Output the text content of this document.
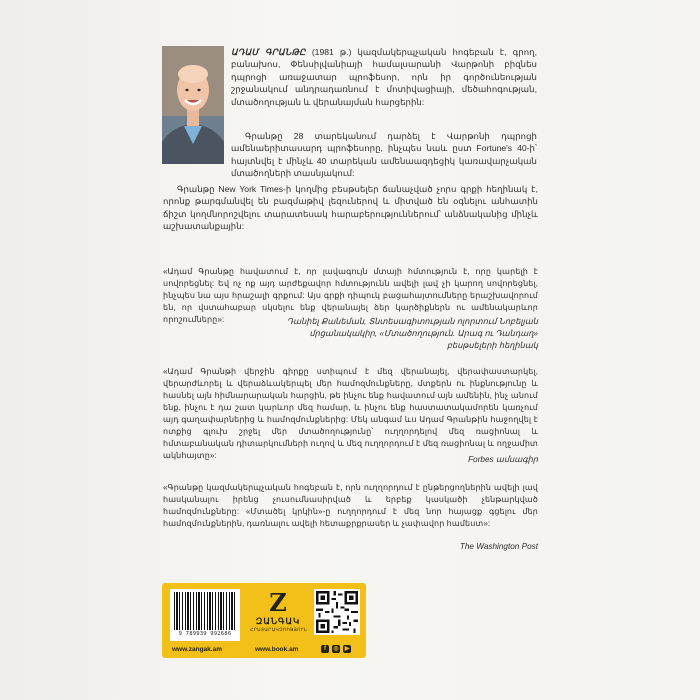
ԱԴԱՄ ԳՐԱՆԹԸ (1981 թ.) կազմակերպչական հոգեբան է, գրող, բանախոս, Փենսիլվանիայի համալսարանի Վարթոնի բիզնես դպրոցի առաջատար պրոֆեսոր, որն իր գործունեության շրջանակում անդրադառնում է մոտիվացիայի, մեծահոգության, մտածողության և վերանայման հարցերին:
Գրանթը 28 տարեկանում դարձել է Վարթոնի դպրոցի ամենաերիտասարդ պրոֆեսորը, ինչպես նաև ըստ Fortune's 40-ի՝ հայտնվել է մինչև 40 տարեկան ամենաազդեցիկ կառավարչական մտածողների տասնյակում:
Գրանթը New York Times-ի կողմից բեսթսելեր ճանաչված չորս գրքի հեղինակ է, որոնք թարգմանվել են բազմաթիվ լեզուներով և միտված են օգնելու անհատին ճիշտ կողմնորոշվելու տարատեսակ հարաբերություններում՝ անձնականից մինչև աշխատանքային:
«Ադամ Գրանթը հավատում է, որ լավագույն մտայի հմտություն է, որը կարելի է սովորեցնել: Եվ ոչ ոք այդ արժեքավոր հմտությունն ավելի լավ չի կարող սովորեցնել, ինչպես նա այս հրաշալի գրքում: Այս գրքի դիպուկ բացահայտումները երաշխավորում են, որ վստահաբար սկսելու ենք վերանայել ձեր կարծիքներն ու ամենակարևոր որոշումները»:	Դանիել Քանեման, Տնտեսագիտության ոլորտում Նոբելյան մրցանակակիր, «Մտածողություն. Արագ ու Դանդաղ» բեսթսելերի հեղինակ
«Ադամ Գրանթի վերջին գիրքը ստիպում է մեզ վերանայել, վերափաստարկել, վերարժևորել և վերաձևակերպել մեր համոզմունքները, մտքերն ու ինքնությունը և հասնել այն հիմնարարական հարցին, թե ինչու ենք հավատում այն ամենին, ինչ անում ենք, ինչու է դա շատ կարևոր մեզ համար, և ինչու ենք հաստատակամորեն կառչում այդ գաղափարներից և համոզմունքներից: Մեկ անգամ ևս Ադամ Գրանթին հաջողվել է ոտքից գլուխ շրջել մեր մտածողությունը՝ ուղղորդելով մեզ ռացիոնալ և հմտաբանական դիտարկումների ուղով և մեզ ուղղորդում է մեզ ռացիոնալ և ողջամիտ ակնհայտը»:	Forbes ամսագիր
«Գրանթը կազմակերպչական հոգեբան է, որն ուղղորդում է ընթերցողներին ավելի լավ հասկանալու իրենց չուսումնասիրված և երբեք կասկածի չենթարկված համոզմունքները: «Մտածել կրկին»-ը ուղղորդում է մեզ նոր հայացք գցելու մեր համոզմունքներին, դառնալու ավելի հետաքրքրասեր և չափավոր համեստ»:
The Washington Post
9 789939 992686
Z
ԶԱՆԳԱԿ
ՀՐԱՏԱՐԱԿՉՈՒԹՅՈՒՆ
www.zangak.am	www.book.am	f	◎ ▶
